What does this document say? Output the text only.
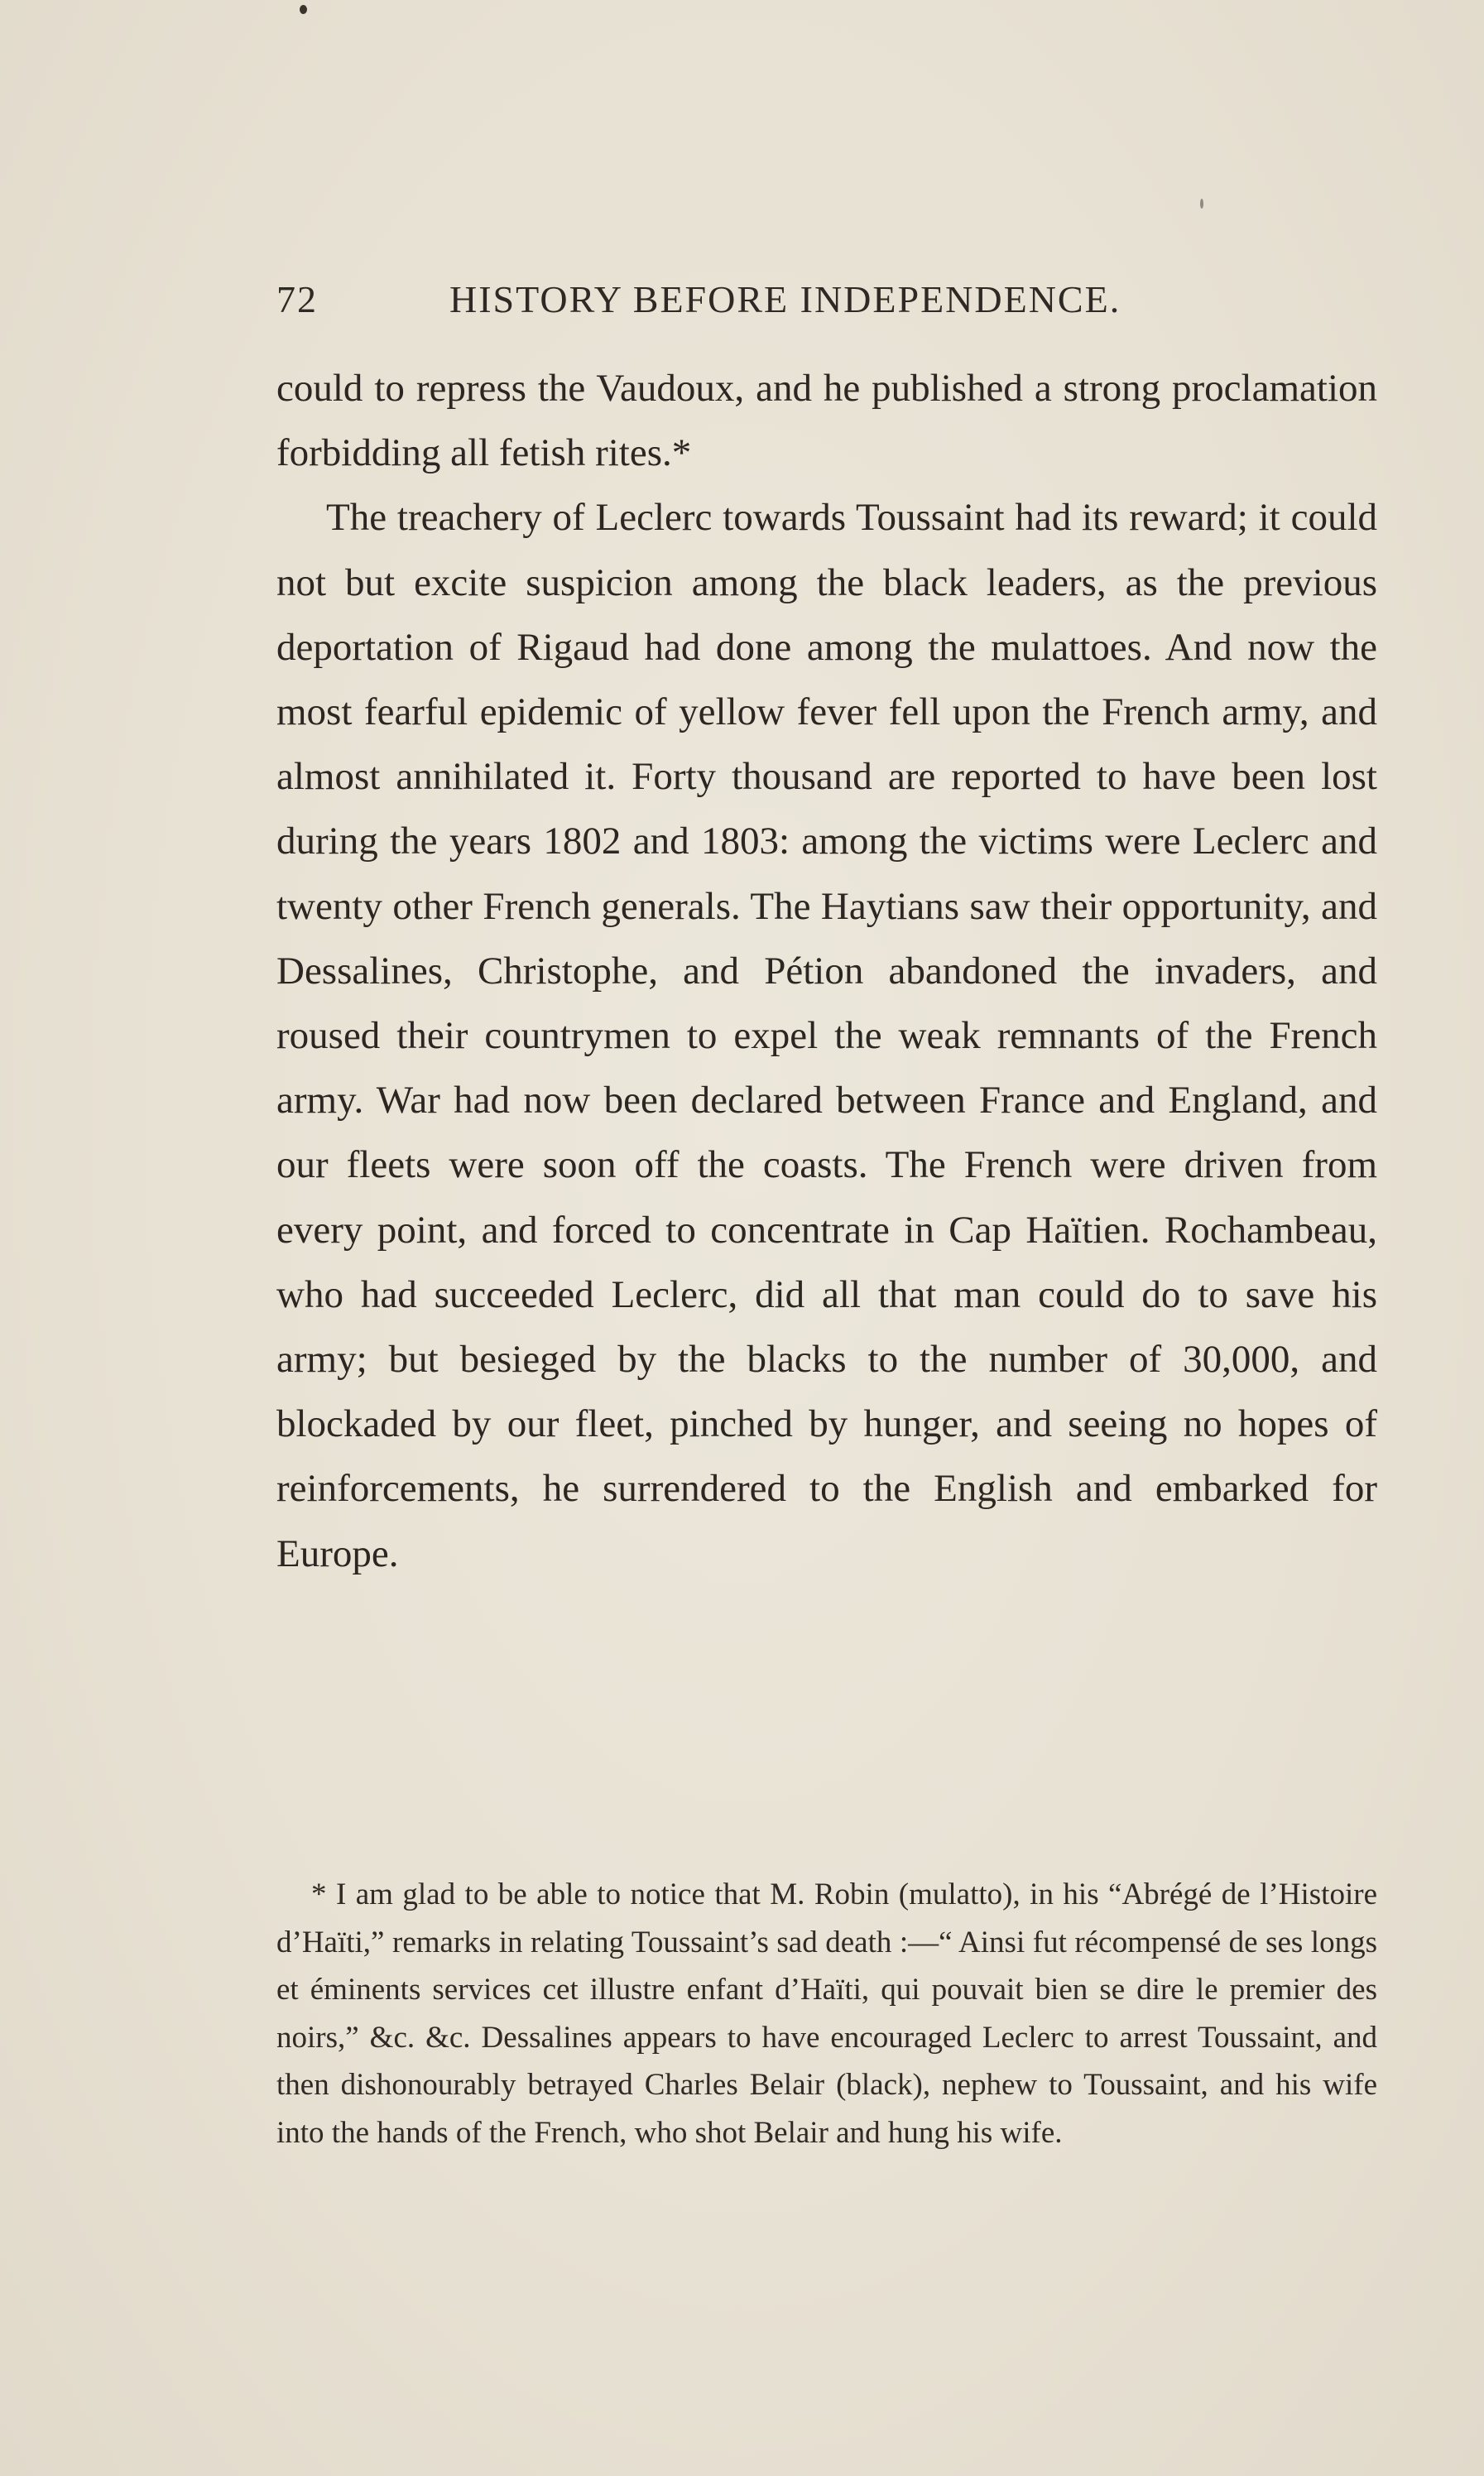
72	HISTORY BEFORE INDEPENDENCE.

could to repress the Vaudoux, and he published a strong proclamation forbidding all fetish rites.*

The treachery of Leclerc towards Toussaint had its reward; it could not but excite suspicion among the black leaders, as the previous deportation of Rigaud had done among the mulattoes. And now the most fearful epidemic of yellow fever fell upon the French army, and almost annihilated it. Forty thousand are reported to have been lost during the years 1802 and 1803: among the victims were Leclerc and twenty other French generals. The Haytians saw their opportunity, and Dessalines, Christophe, and Pétion abandoned the invaders, and roused their countrymen to expel the weak remnants of the French army. War had now been declared between France and England, and our fleets were soon off the coasts. The French were driven from every point, and forced to concentrate in Cap Haïtien. Rochambeau, who had succeeded Leclerc, did all that man could do to save his army; but besieged by the blacks to the number of 30,000, and blockaded by our fleet, pinched by hunger, and seeing no hopes of reinforcements, he surrendered to the English and embarked for Europe.

* I am glad to be able to notice that M. Robin (mulatto), in his “Abrégé de l’Histoire d’Haïti,” remarks in relating Toussaint’s sad death :—“ Ainsi fut récompensé de ses longs et éminents services cet illustre enfant d’Haïti, qui pouvait bien se dire le premier des noirs,” &c. &c. Dessalines appears to have encouraged Leclerc to arrest Toussaint, and then dishonourably betrayed Charles Belair (black), nephew to Toussaint, and his wife into the hands of the French, who shot Belair and hung his wife.
